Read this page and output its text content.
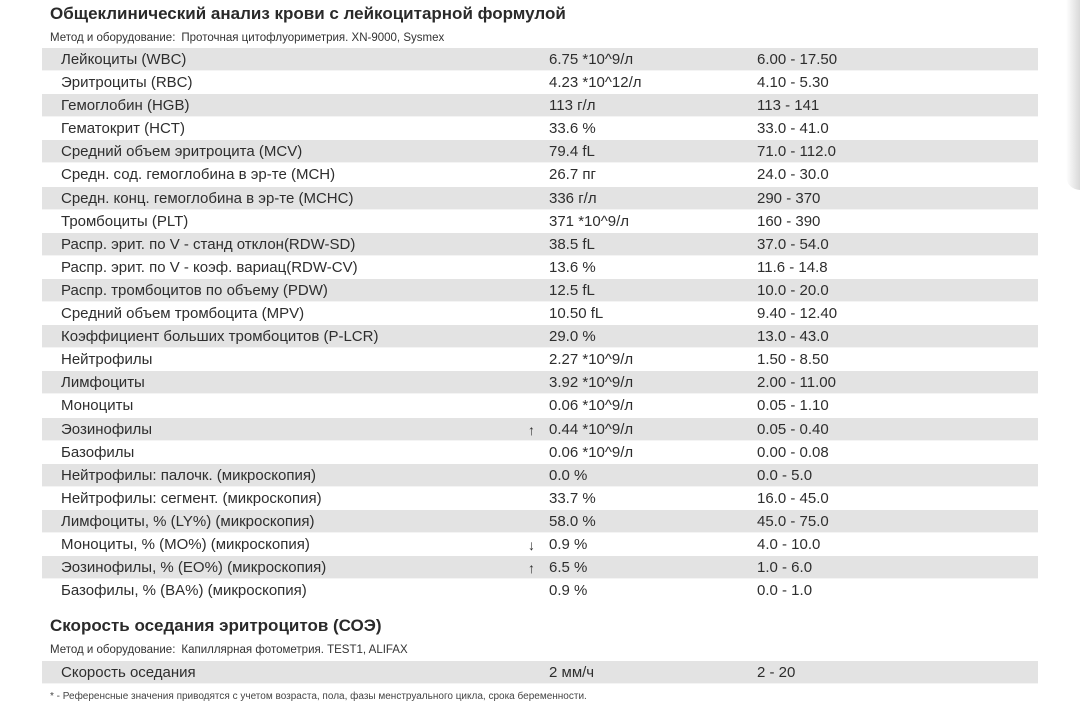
Общеклинический анализ крови с лейкоцитарной формулой
Метод и оборудование: Проточная цитофлуориметрия. XN-9000, Sysmex
Лейкоциты (WBC)	6.75 *10^9/л	6.00 - 17.50
Эритроциты (RBC)	4.23 *10^12/л	4.10 - 5.30
Гемоглобин (HGB)	113 г/л	113 - 141
Гематокрит (HCT)	33.6 %	33.0 - 41.0
Средний объем эритроцита (MCV)	79.4 fL	71.0 - 112.0
Средн. сод. гемоглобина в эр-те (MCH)	26.7 пг	24.0 - 30.0
Средн. конц. гемоглобина в эр-те (MCHC)	336 г/л	290 - 370
Тромбоциты (PLT)	371 *10^9/л	160 - 390
Распр. эрит. по V - станд отклон(RDW-SD)	38.5 fL	37.0 - 54.0
Распр. эрит. по V - коэф. вариац(RDW-CV)	13.6 %	11.6 - 14.8
Распр. тромбоцитов по объему (PDW)	12.5 fL	10.0 - 20.0
Средний объем тромбоцита (MPV)	10.50 fL	9.40 - 12.40
Коэффициент больших тромбоцитов (P-LCR)	29.0 %	13.0 - 43.0
Нейтрофилы	2.27 *10^9/л	1.50 - 8.50
Лимфоциты	3.92 *10^9/л	2.00 - 11.00
Моноциты	0.06 *10^9/л	0.05 - 1.10
Эозинофилы	↑ 0.44 *10^9/л	0.05 - 0.40
Базофилы	0.06 *10^9/л	0.00 - 0.08
Нейтрофилы: палочк. (микроскопия)	0.0 %	0.0 - 5.0
Нейтрофилы: сегмент. (микроскопия)	33.7 %	16.0 - 45.0
Лимфоциты, % (LY%) (микроскопия)	58.0 %	45.0 - 75.0
Моноциты, % (MO%) (микроскопия)	↓ 0.9 %	4.0 - 10.0
Эозинофилы, % (EO%) (микроскопия)	↑ 6.5 %	1.0 - 6.0
Базофилы, % (BA%) (микроскопия)	0.9 %	0.0 - 1.0
Скорость оседания эритроцитов (СОЭ)
Метод и оборудование: Капиллярная фотометрия. TEST1, ALIFAX
Скорость оседания	2 мм/ч	2 - 20
* - Референсные значения приводятся с учетом возраста, пола, фазы менструального цикла, срока беременности.
